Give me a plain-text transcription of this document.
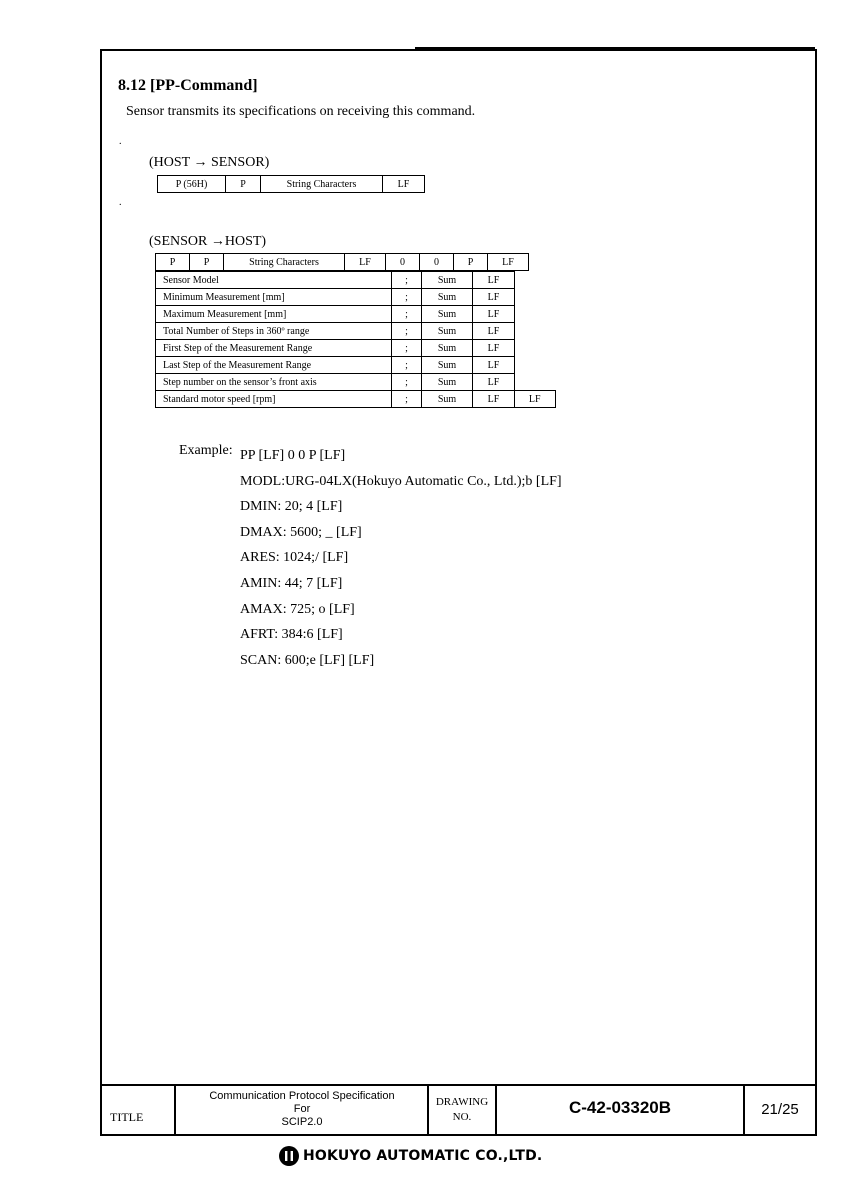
8.12 [PP-Command]
Sensor transmits its specifications on receiving this command.
.
(HOST → SENSOR)
P (56H)	P	String Characters	LF
.
(SENSOR →HOST)
P	P	String Characters	LF	0	0	P	LF
Sensor Model	;	Sum	LF	
Minimum Measurement [mm]	;	Sum	LF	
Maximum Measurement [mm]	;	Sum	LF	
Total Number of Steps in 360º range	;	Sum	LF	
First Step of the Measurement Range	;	Sum	LF	
Last Step of the Measurement Range	;	Sum	LF	
Step number on the sensor’s front axis	;	Sum	LF	
Standard motor speed [rpm]	;	Sum	LF	LF
Example: PP [LF] 0 0 P [LF]
MODL:URG-04LX(Hokuyo Automatic Co., Ltd.);b [LF]
DMIN: 20; 4 [LF]
DMAX: 5600; _ [LF]
ARES: 1024;/ [LF]
AMIN: 44; 7 [LF]
AMAX: 725; o [LF]
AFRT: 384:6 [LF]
SCAN: 600;e [LF] [LF]
TITLE
Communication Protocol Specification
For
SCIP2.0
DRAWING
NO.	C-42-03320B	21/25
HOKUYO AUTOMATIC CO.,LTD.
